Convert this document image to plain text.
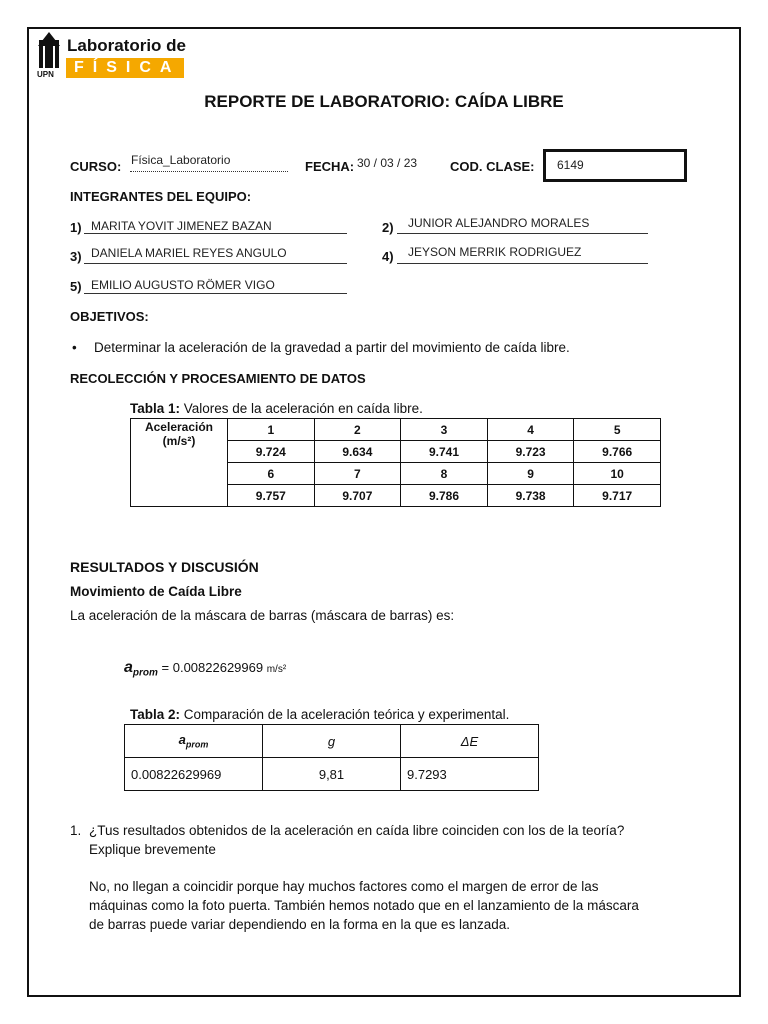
UPN
Laboratorio de
FÍSICA
REPORTE DE LABORATORIO: CAÍDA LIBRE
CURSO: Física_Laboratorio	FECHA: 30 / 03 / 23	COD. CLASE: 6149
INTEGRANTES DEL EQUIPO:
1) MARITA YOVIT JIMENEZ BAZAN	2) JUNIOR ALEJANDRO MORALES
3) DANIELA MARIEL REYES ANGULO	4) JEYSON MERRIK RODRIGUEZ
5) EMILIO AUGUSTO RÖMER VIGO
OBJETIVOS:
• Determinar la aceleración de la gravedad a partir del movimiento de caída libre.
RECOLECCIÓN Y PROCESAMIENTO DE DATOS
Tabla 1: Valores de la aceleración en caída libre.
Aceleración
(m/s²)	1	2	3	4	5
	9.724	9.634	9.741	9.723	9.766
	6	7	8	9	10
	9.757	9.707	9.786	9.738	9.717
RESULTADOS Y DISCUSIÓN
Movimiento de Caída Libre
La aceleración de la máscara de barras (máscara de barras) es:
$a_{prom} = 0.00822629969$ m/s²
Tabla 2: Comparación de la aceleración teórica y experimental.
$a_{prom}$	g	ΔE
0.00822629969	9,81	9.7293
1. ¿Tus resultados obtenidos de la aceleración en caída libre coinciden con los de la teoría?
Explique brevemente
No, no llegan a coincidir porque hay muchos factores como el margen de error de las
máquinas como la foto puerta. También hemos notado que en el lanzamiento de la máscara
de barras puede variar dependiendo en la forma en la que es lanzada.
